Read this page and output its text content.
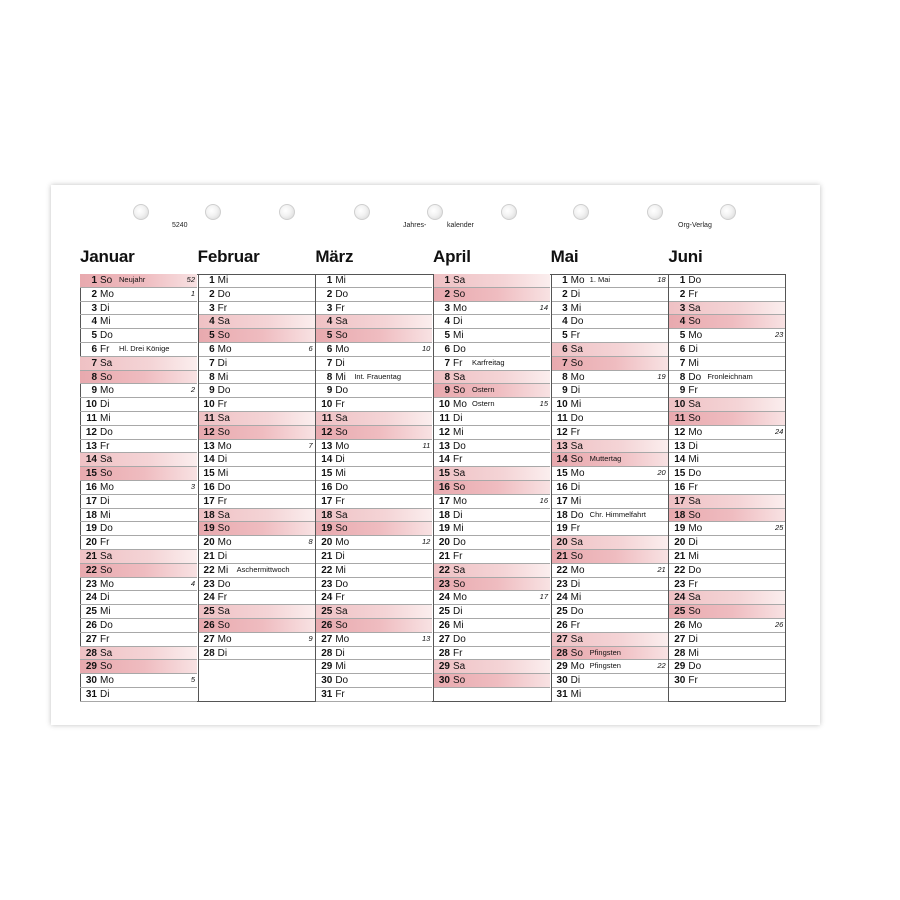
5240	Jahres-	kalender	Org-Verlag
Januar
1 So Neujahr	52
2 Mo	1
3 Di
4 Mi
5 Do
6 Fr Hl. Drei Könige
7 Sa
8 So
9 Mo	2
10 Di
11 Mi
12 Do
13 Fr
14 Sa
15 So
16 Mo	3
17 Di
18 Mi
19 Do
20 Fr
21 Sa
22 So
23 Mo	4
24 Di
25 Mi
26 Do
27 Fr
28 Sa
29 So
30 Mo	5
31 Di
Februar
1 Mi
2 Do
3 Fr
4 Sa
5 So
6 Mo	6
7 Di
8 Mi
9 Do
10 Fr
11 Sa
12 So
13 Mo	7
14 Di
15 Mi
16 Do
17 Fr
18 Sa
19 So
20 Mo	8
21 Di
22 Mi Aschermittwoch
23 Do
24 Fr
25 Sa
26 So
27 Mo	9
28 Di
März
1 Mi
2 Do
3 Fr
4 Sa
5 So
6 Mo	10
7 Di
8 Mi Int. Frauentag
9 Do
10 Fr
11 Sa
12 So
13 Mo	11
14 Di
15 Mi
16 Do
17 Fr
18 Sa
19 So
20 Mo	12
21 Di
22 Mi
23 Do
24 Fr
25 Sa
26 So
27 Mo	13
28 Di
29 Mi
30 Do
31 Fr
April
1 Sa
2 So
3 Mo	14
4 Di
5 Mi
6 Do
7 Fr Karfreitag
8 Sa
9 So Ostern
10 Mo Ostern	15
11 Di
12 Mi
13 Do
14 Fr
15 Sa
16 So
17 Mo	16
18 Di
19 Mi
20 Do
21 Fr
22 Sa
23 So
24 Mo	17
25 Di
26 Mi
27 Do
28 Fr
29 Sa
30 So
Mai
1 Mo 1. Mai	18
2 Di
3 Mi
4 Do
5 Fr
6 Sa
7 So
8 Mo	19
9 Di
10 Mi
11 Do
12 Fr
13 Sa
14 So Muttertag
15 Mo	20
16 Di
17 Mi
18 Do Chr. Himmelfahrt
19 Fr
20 Sa
21 So
22 Mo	21
23 Di
24 Mi
25 Do
26 Fr
27 Sa
28 So Pfingsten
29 Mo Pfingsten	22
30 Di
31 Mi
Juni
1 Do
2 Fr
3 Sa
4 So
5 Mo	23
6 Di
7 Mi
8 Do Fronleichnam
9 Fr
10 Sa
11 So
12 Mo	24
13 Di
14 Mi
15 Do
16 Fr
17 Sa
18 So
19 Mo	25
20 Di
21 Mi
22 Do
23 Fr
24 Sa
25 So
26 Mo	26
27 Di
28 Mi
29 Do
30 Fr
